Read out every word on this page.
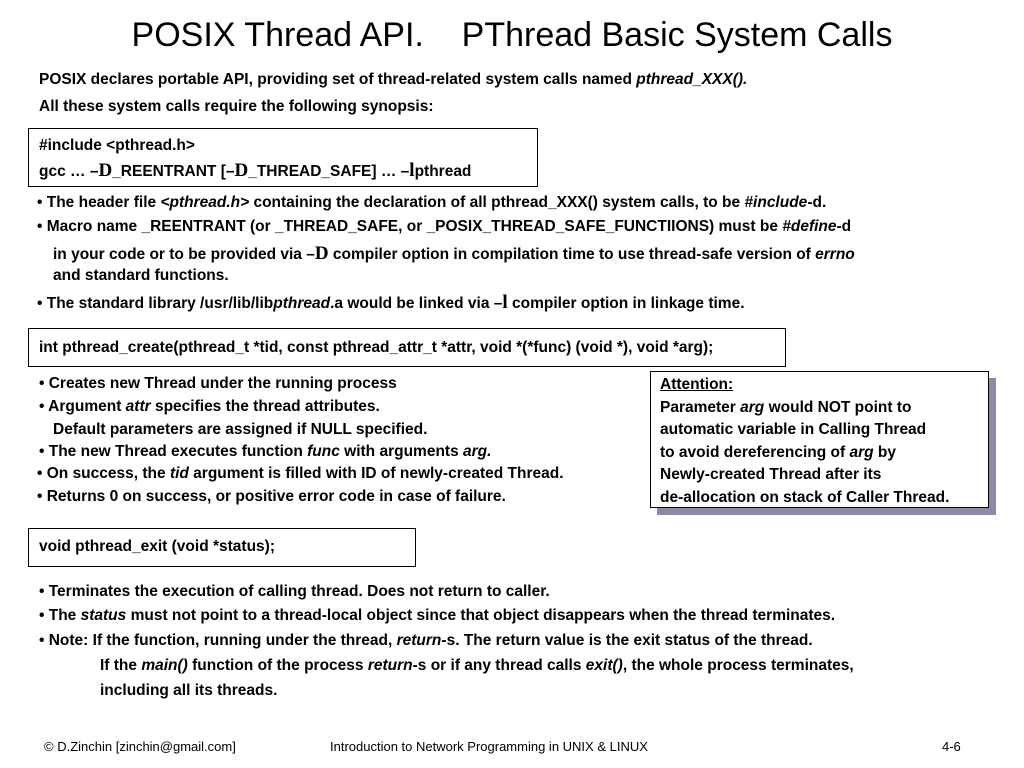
POSIX Thread API.    PThread Basic System Calls
POSIX declares portable API, providing set of thread-related system calls named pthread_XXX().
All these system calls require the following synopsis:
#include <pthread.h>
gcc … –D_REENTRANT [–D_THREAD_SAFE] … –lpthread
• The header file <pthread.h> containing the declaration of all pthread_XXX() system calls, to be #include-d.
• Macro name _REENTRANT (or _THREAD_SAFE, or _POSIX_THREAD_SAFE_FUNCTIIONS) must be #define-d
in your code or to be provided via –D compiler option in compilation time to use thread-safe version of errno
and standard functions.
• The standard library /usr/lib/libpthread.a would be linked via –l compiler option in linkage time.
int pthread_create(pthread_t *tid, const pthread_attr_t *attr, void *(*func) (void *), void *arg);
• Creates new Thread under the running process
• Argument attr specifies the thread attributes.
Default parameters are assigned if NULL specified.
• The new Thread executes function func with arguments arg.
• On success, the tid argument is filled with ID of newly-created Thread.
• Returns 0 on success, or positive error code in case of failure.
Attention:
Parameter arg would NOT point to
automatic variable in Calling Thread
to avoid dereferencing of arg by
Newly-created Thread after its
de-allocation on stack of Caller Thread.
void pthread_exit (void *status);
• Terminates the execution of calling thread. Does not return to caller.
• The status must not point to a thread-local object since that object disappears when the thread terminates.
• Note: If the function, running under the thread, return-s. The return value is the exit status of the thread.
If the main() function of the process return-s or if any thread calls exit(), the whole process terminates,
including all its threads.
© D.Zinchin [zinchin@gmail.com]	Introduction to Network Programming in UNIX & LINUX	4-6
